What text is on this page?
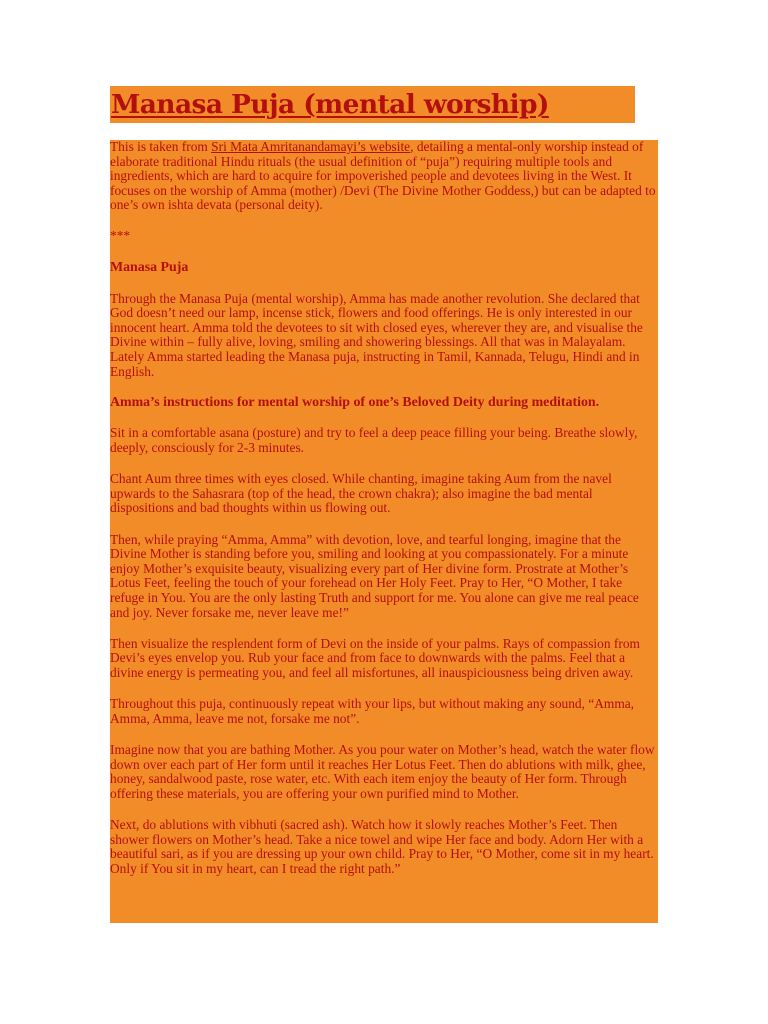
Manasa Puja (mental worship)

This is taken from Sri Mata Amritanandamayi’s website, detailing a mental-only worship instead of elaborate traditional Hindu rituals (the usual definition of “puja”) requiring multiple tools and ingredients, which are hard to acquire for impoverished people and devotees living in the West. It focuses on the worship of Amma (mother) /Devi (The Divine Mother Goddess,) but can be adapted to one’s own ishta devata (personal deity).

***

Manasa Puja

Through the Manasa Puja (mental worship), Amma has made another revolution. She declared that God doesn’t need our lamp, incense stick, flowers and food offerings. He is only interested in our innocent heart. Amma told the devotees to sit with closed eyes, wherever they are, and visualise the Divine within – fully alive, loving, smiling and showering blessings. All that was in Malayalam. Lately Amma started leading the Manasa puja, instructing in Tamil, Kannada, Telugu, Hindi and in English.

Amma’s instructions for mental worship of one’s Beloved Deity during meditation.

Sit in a comfortable asana (posture) and try to feel a deep peace filling your being. Breathe slowly, deeply, consciously for 2-3 minutes.

Chant Aum three times with eyes closed. While chanting, imagine taking Aum from the navel upwards to the Sahasrara (top of the head, the crown chakra); also imagine the bad mental dispositions and bad thoughts within us flowing out.

Then, while praying “Amma, Amma” with devotion, love, and tearful longing, imagine that the Divine Mother is standing before you, smiling and looking at you compassionately. For a minute enjoy Mother’s exquisite beauty, visualizing every part of Her divine form. Prostrate at Mother’s Lotus Feet, feeling the touch of your forehead on Her Holy Feet. Pray to Her, “O Mother, I take refuge in You. You are the only lasting Truth and support for me. You alone can give me real peace and joy. Never forsake me, never leave me!”

Then visualize the resplendent form of Devi on the inside of your palms. Rays of compassion from Devi’s eyes envelop you. Rub your face and from face to downwards with the palms. Feel that a divine energy is permeating you, and feel all misfortunes, all inauspiciousness being driven away.

Throughout this puja, continuously repeat with your lips, but without making any sound, “Amma, Amma, Amma, leave me not, forsake me not”.

Imagine now that you are bathing Mother. As you pour water on Mother’s head, watch the water flow down over each part of Her form until it reaches Her Lotus Feet. Then do ablutions with milk, ghee, honey, sandalwood paste, rose water, etc. With each item enjoy the beauty of Her form. Through offering these materials, you are offering your own purified mind to Mother.

Next, do ablutions with vibhuti (sacred ash). Watch how it slowly reaches Mother’s Feet. Then shower flowers on Mother’s head. Take a nice towel and wipe Her face and body. Adorn Her with a beautiful sari, as if you are dressing up your own child. Pray to Her, “O Mother, come sit in my heart. Only if You sit in my heart, can I tread the right path.”
